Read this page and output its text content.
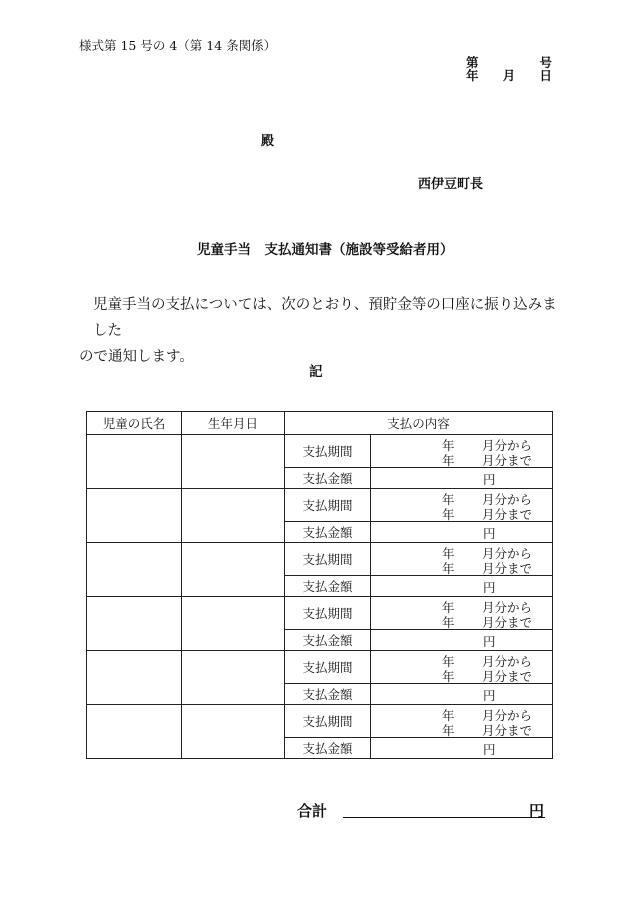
様式第 15 号の 4（第 14 条関係）
第	号
年 月 日
殿
西伊豆町長
児童手当　支払通知書（施設等受給者用）
児童手当の支払については、次のとおり、預貯金等の口座に振り込みました
ので通知します。
記
児童の氏名	生年月日	支払の内容	
		支払期間	年 月分から
年 月分まで

		支払金額	円

		支払期間	年 月分から
年 月分まで

		支払金額	円

		支払期間	年 月分から
年 月分まで

		支払金額	円

		支払期間	年 月分から
年 月分まで

		支払金額	円

		支払期間	年 月分から
年 月分まで

		支払金額	円

		支払期間	年 月分から
年 月分まで

		支払金額	円
合計	円
